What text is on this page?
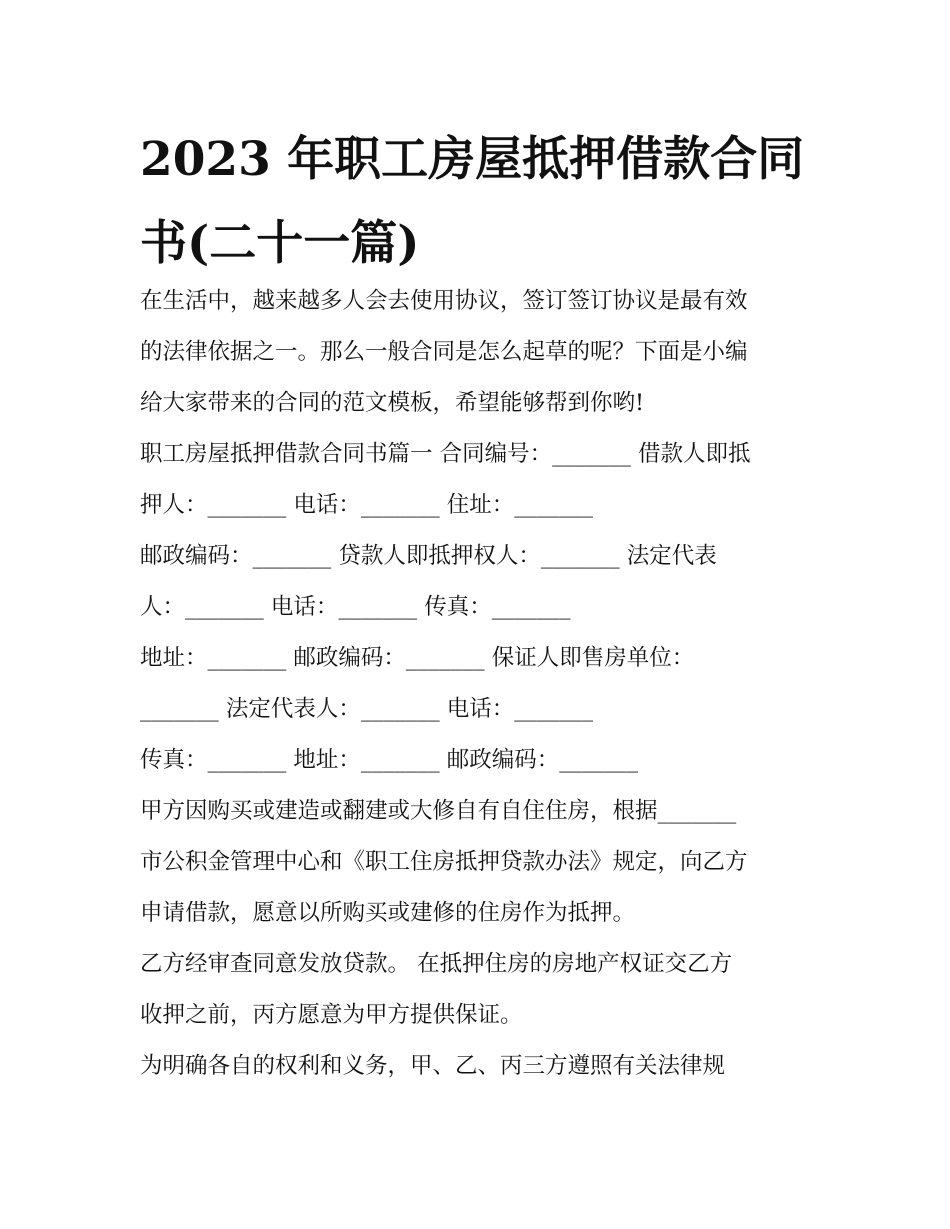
2023 年职工房屋抵押借款合同
书(二十一篇)
在生活中，越来越多人会去使用协议，签订签订协议是最有效
的法律依据之一。那么一般合同是怎么起草的呢？下面是小编
给大家带来的合同的范文模板，希望能够帮到你哟!
职工房屋抵押借款合同书篇一 合同编号：_______ 借款人即抵
押人：_______ 电话：_______ 住址：_______
邮政编码：_______ 贷款人即抵押权人：_______ 法定代表
人：_______ 电话：_______ 传真：_______
地址：_______ 邮政编码：_______ 保证人即售房单位：
_______ 法定代表人：_______ 电话：_______
传真：_______ 地址：_______ 邮政编码：_______
甲方因购买或建造或翻建或大修自有自住住房，根据_______
市公积金管理中心和《职工住房抵押贷款办法》规定，向乙方
申请借款，愿意以所购买或建修的住房作为抵押。
乙方经审查同意发放贷款。 在抵押住房的房地产权证交乙方
收押之前，丙方愿意为甲方提供保证。
为明确各自的权利和义务，甲、乙、丙三方遵照有关法律规
